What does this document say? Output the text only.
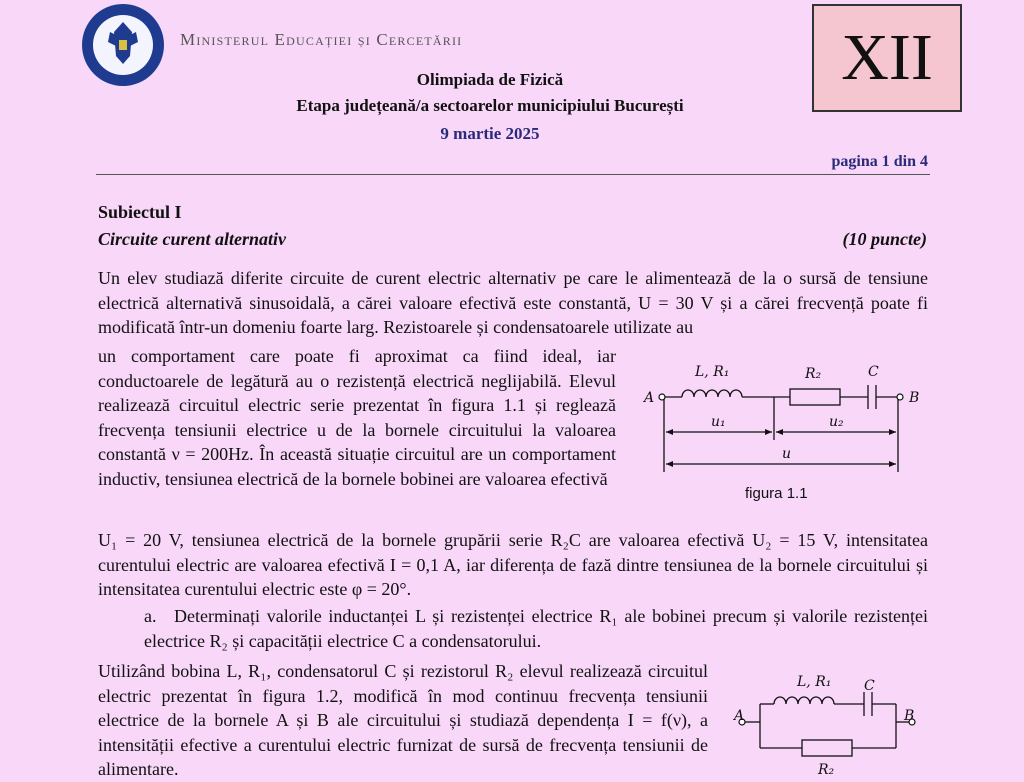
Ministerul Educației și Cercetării	XII
Olimpiada de Fizică
Etapa județeană/a sectoarelor municipiului București
9 martie 2025
pagina 1 din 4
Subiectul I
Circuite curent alternativ	(10 puncte)
Un elev studiază diferite circuite de curent electric alternativ pe care le alimentează de la o sursă de tensiune electrică alternativă sinusoidală, a cărei valoare efectivă este constantă, U = 30 V și a cărei frecvență poate fi modificată într-un domeniu foarte larg. Rezistoarele și condensatoarele utilizate au
un comportament care poate fi aproximat ca fiind ideal, iar conductoarele de legătură au o rezistență electrică neglijabilă. Elevul realizează circuitul electric serie prezentat în figura 1.1 și reglează frecvența tensiunii electrice u de la bornele circuitului la valoarea constantă ν = 200Hz. În această situație circuitul are un comportament inductiv, tensiunea electrică de la bornele bobinei are valoarea efectivă
U₁ = 20 V, tensiunea electrică de la bornele grupării serie R₂C are valoarea efectivă U₂ = 15 V, intensitatea curentului electric are valoarea efectivă I = 0,1 A, iar diferența de fază dintre tensiunea de la bornele circuitului și intensitatea curentului electric este φ = 20°.
a. Determinați valorile inductanței L și rezistenței electrice R₁ ale bobinei precum și valorile rezistenței electrice R₂ și capacității electrice C a condensatorului.
Utilizând bobina L, R₁, condensatorul C și rezistorul R₂ elevul realizează circuitul electric prezentat în figura 1.2, modifică în mod continuu frecvența tensiunii electrice de la bornele A și B ale circuitului și studiază dependența I = f(ν), a intensității efective a curentului electric furnizat de sursă de frecvența tensiunii de alimentare.
A	B
L, R₁	R₂	C
u₁	u₂
u
figura 1.1
A	B
L, R₁ C
R₂
